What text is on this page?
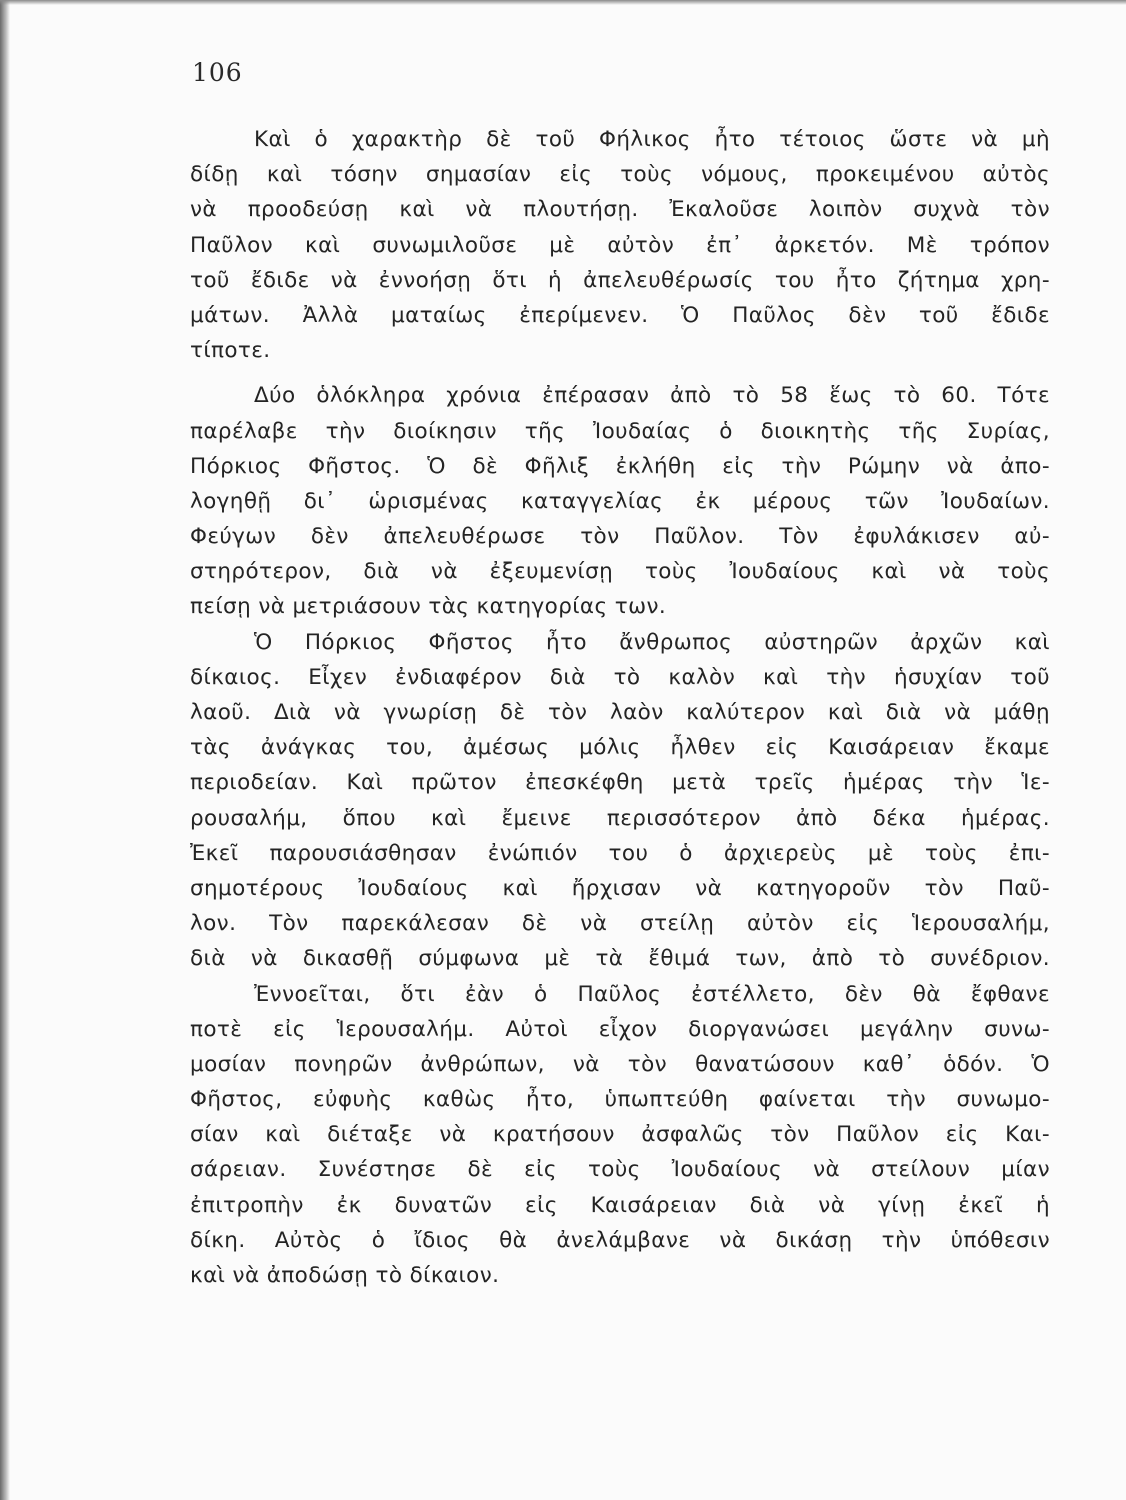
106
Καὶ ὁ χαρακτὴρ δὲ τοῦ Φήλικος ἦτο τέτοιος ὥστε νὰ μὴ
δίδῃ καὶ τόσην σημασίαν εἰς τοὺς νόμους, προκειμένου αὐτὸς
νὰ προοδεύσῃ καὶ νὰ πλουτήσῃ. Ἐκαλοῦσε λοιπὸν συχνὰ τὸν
Παῦλον καὶ συνωμιλοῦσε μὲ αὐτὸν ἐπ᾽ ἀρκετόν. Μὲ τρόπον
τοῦ ἔδιδε νὰ ἐννοήσῃ ὅτι ἡ ἀπελευθέρωσίς του ἦτο ζήτημα χρη-
μάτων. Ἀλλὰ ματαίως ἐπερίμενεν. Ὁ Παῦλος δὲν τοῦ ἔδιδε
τίποτε.
Δύο ὁλόκληρα χρόνια ἐπέρασαν ἀπὸ τὸ 58 ἕως τὸ 60. Τότε
παρέλαβε τὴν διοίκησιν τῆς Ἰουδαίας ὁ διοικητὴς τῆς Συρίας,
Πόρκιος Φῆστος. Ὁ δὲ Φῆλιξ ἐκλήθη εἰς τὴν Ρώμην νὰ ἀπο-
λογηθῇ δι᾽ ὡρισμένας καταγγελίας ἐκ μέρους τῶν Ἰουδαίων.
Φεύγων δὲν ἀπελευθέρωσε τὸν Παῦλον. Τὸν ἐφυλάκισεν αὐ-
στηρότερον, διὰ νὰ ἐξευμενίσῃ τοὺς Ἰουδαίους καὶ νὰ τοὺς
πείσῃ νὰ μετριάσουν τὰς κατηγορίας των.
Ὁ Πόρκιος Φῆστος ἦτο ἄνθρωπος αὐστηρῶν ἀρχῶν καὶ
δίκαιος. Εἶχεν ἐνδιαφέρον διὰ τὸ καλὸν καὶ τὴν ἡσυχίαν τοῦ
λαοῦ. Διὰ νὰ γνωρίσῃ δὲ τὸν λαὸν καλύτερον καὶ διὰ νὰ μάθῃ
τὰς ἀνάγκας του, ἀμέσως μόλις ἦλθεν εἰς Καισάρειαν ἔκαμε
περιοδείαν. Καὶ πρῶτον ἐπεσκέφθη μετὰ τρεῖς ἡμέρας τὴν Ἱε-
ρουσαλήμ, ὅπου καὶ ἔμεινε περισσότερον ἀπὸ δέκα ἡμέρας.
Ἐκεῖ παρουσιάσθησαν ἐνώπιόν του ὁ ἀρχιερεὺς μὲ τοὺς ἐπι-
σημοτέρους Ἰουδαίους καὶ ἤρχισαν νὰ κατηγοροῦν τὸν Παῦ-
λον. Τὸν παρεκάλεσαν δὲ νὰ στείλῃ αὐτὸν εἰς Ἱερουσαλήμ,
διὰ νὰ δικασθῇ σύμφωνα μὲ τὰ ἔθιμά των, ἀπὸ τὸ συνέδριον.
Ἐννοεῖται, ὅτι ἐὰν ὁ Παῦλος ἐστέλλετο, δὲν θὰ ἔφθανε
ποτὲ εἰς Ἱερουσαλήμ. Αὐτοὶ εἶχον διοργανώσει μεγάλην συνω-
μοσίαν πονηρῶν ἀνθρώπων, νὰ τὸν θανατώσουν καθ᾽ ὁδόν. Ὁ
Φῆστος, εὐφυὴς καθὼς ἦτο, ὑπωπτεύθη φαίνεται τὴν συνωμο-
σίαν καὶ διέταξε νὰ κρατήσουν ἀσφαλῶς τὸν Παῦλον εἰς Και-
σάρειαν. Συνέστησε δὲ εἰς τοὺς Ἰουδαίους νὰ στείλουν μίαν
ἐπιτροπὴν ἐκ δυνατῶν εἰς Καισάρειαν διὰ νὰ γίνῃ ἐκεῖ ἡ
δίκη. Αὐτὸς ὁ ἴδιος θὰ ἀνελάμβανε νὰ δικάσῃ τὴν ὑπόθεσιν
καὶ νὰ ἀποδώσῃ τὸ δίκαιον.
